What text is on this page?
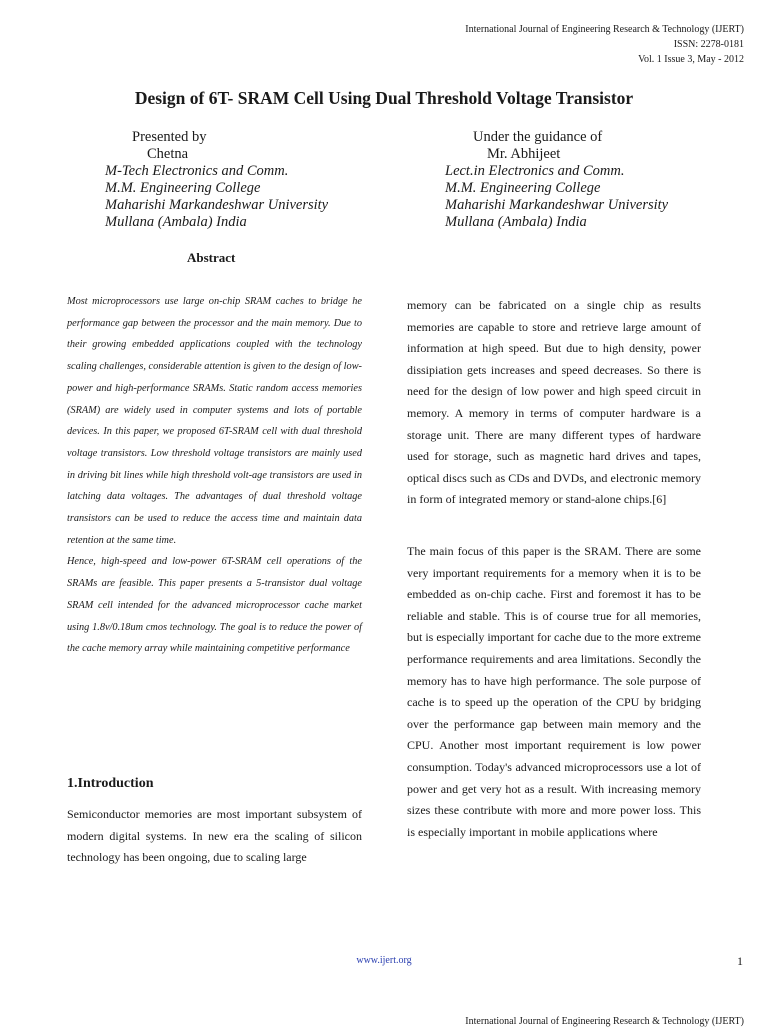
International Journal of Engineering Research & Technology (IJERT)
ISSN: 2278-0181
Vol. 1 Issue 3, May - 2012
Design of 6T- SRAM Cell Using Dual Threshold Voltage Transistor
Presented by
Chetna
M-Tech Electronics and Comm.
M.M. Engineering College
Maharishi Markandeshwar University
Mullana (Ambala) India
Under the guidance of
Mr. Abhijeet
Lect.in Electronics and Comm.
M.M. Engineering College
Maharishi Markandeshwar University
Mullana (Ambala) India
Abstract

Most microprocessors use large on-chip SRAM caches to bridge he performance gap between the processor and the main memory. Due to their growing embedded applications coupled with the technology scaling challenges, considerable attention is given to the design of low-power and high-performance SRAMs. Static random access memories (SRAM) are widely used in computer systems and lots of portable devices. In this paper, we proposed 6T-SRAM cell with dual threshold voltage transistors. Low threshold voltage transistors are mainly used in driving bit lines while high threshold volt-age transistors are used in latching data voltages. The advantages of dual threshold voltage transistors can be used to reduce the access time and maintain data retention at the same time.

Hence, high-speed and low-power 6T-SRAM cell operations of the SRAMs are feasible. This paper presents a 5-transistor dual voltage SRAM cell intended for the advanced microprocessor cache market using 1.8v/0.18um cmos technology. The goal is to reduce the power of the cache memory array while maintaining competitive performance

1.Introduction

Semiconductor memories are most important subsystem of modern digital systems. In new era the scaling of silicon technology has been ongoing, due to scaling large

memory can be fabricated on a single chip as results memories are capable to store and retrieve large amount of information at high speed. But due to high density, power dissipiation gets increases and speed decreases. So there is need for the design of low power and high speed circuit in memory. A memory in terms of computer hardware is a storage unit. There are many different types of hardware used for storage, such as magnetic hard drives and tapes, optical discs such as CDs and DVDs, and electronic memory in form of integrated memory or stand-alone chips.[6]

The main focus of this paper is the SRAM. There are some very important requirements for a memory when it is to be embedded as on-chip cache. First and foremost it has to be reliable and stable. This is of course true for all memories, but is especially important for cache due to the more extreme performance requirements and area limitations. Secondly the memory has to have high performance. The sole purpose of cache is to speed up the operation of the CPU by bridging over the performance gap between main memory and the CPU. Another most important requirement is low power consumption. Today's advanced microprocessors use a lot of power and get very hot as a result. With increasing memory sizes these contribute with more and more power loss. This is especially important in mobile applications where

www.ijert.org	1
International Journal of Engineering Research & Technology (IJERT)
